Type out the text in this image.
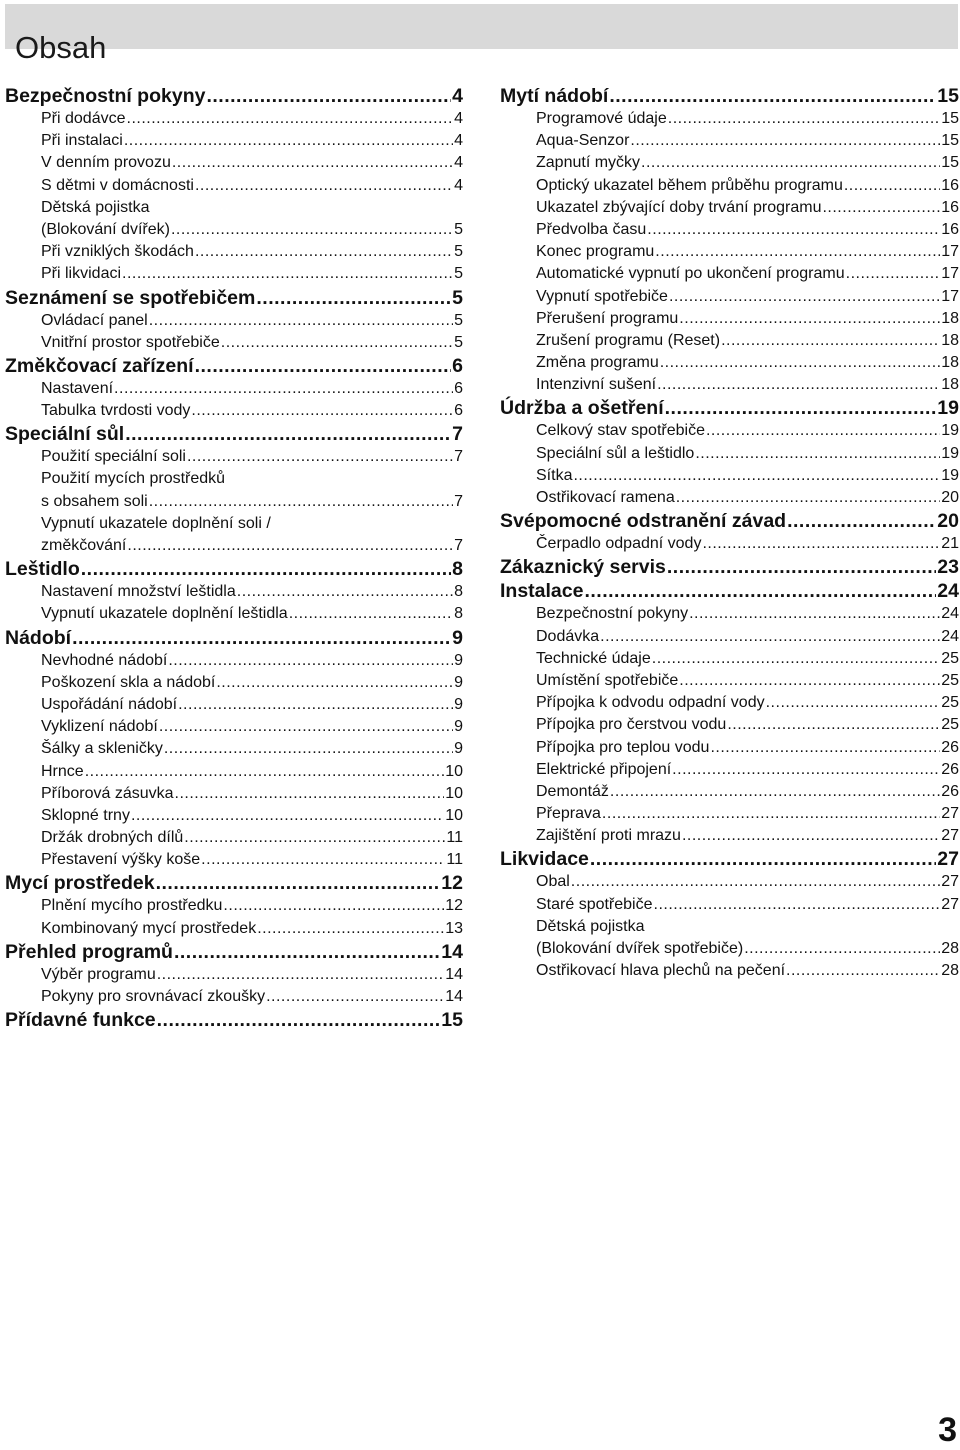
Obsah
Bezpečnostní pokyny .....	4
Při dodávce .....	4
Při instalaci .....	4
V denním provozu .....	4
S dětmi v domácnosti .....	4
Dětská pojistka
(Blokování dvířek) .....	5
Při vzniklých škodách .....	5
Při likvidaci .....	5
Seznámení se spotřebičem .....	5
Ovládací panel .....	5
Vnitřní prostor spotřebiče .....	5
Změkčovací zařízení .....	6
Nastavení .....	6
Tabulka tvrdosti vody .....	6
Speciální sůl .....	7
Použití speciální soli .....	7
Použití mycích prostředků
s obsahem soli .....	7
Vypnutí ukazatele doplnění soli /
změkčování .....	7
Leštidlo .....	8
Nastavení množství leštidla .....	8
Vypnutí ukazatele doplnění leštidla .....	8
Nádobí .....	9
Nevhodné nádobí .....	9
Poškození skla a nádobí .....	9
Uspořádání nádobí .....	9
Vyklizení nádobí .....	9
Šálky a skleničky .....	9
Hrnce .....	10
Příborová zásuvka .....	10
Sklopné trny .....	10
Držák drobných dílů .....	11
Přestavení výšky koše .....	11
Mycí prostředek .....	12
Plnění mycího prostředku .....	12
Kombinovaný mycí prostředek .....	13
Přehled programů .....	14
Výběr programu .....	14
Pokyny pro srovnávací zkoušky .....	14
Přídavné funkce .....	15
Mytí nádobí .....	15
Programové údaje .....	15
Aqua-Senzor .....	15
Zapnutí myčky .....	15
Optický ukazatel během průběhu programu .....	16
Ukazatel zbývající doby trvání programu .....	16
Předvolba času .....	16
Konec programu .....	17
Automatické vypnutí po ukončení programu .....	17
Vypnutí spotřebiče .....	17
Přerušení programu .....	18
Zrušení programu (Reset) .....	18
Změna programu .....	18
Intenzivní sušení .....	18
Údržba a ošetření .....	19
Celkový stav spotřebiče .....	19
Speciální sůl a leštidlo .....	19
Sítka .....	19
Ostřikovací ramena .....	20
Svépomocné odstranění závad .....	20
Čerpadlo odpadní vody .....	21
Zákaznický servis .....	23
Instalace .....	24
Bezpečnostní pokyny .....	24
Dodávka .....	24
Technické údaje .....	25
Umístění spotřebiče .....	25
Přípojka k odvodu odpadní vody .....	25
Přípojka pro čerstvou vodu .....	25
Přípojka pro teplou vodu .....	26
Elektrické připojení .....	26
Demontáž .....	26
Přeprava .....	27
Zajištění proti mrazu .....	27
Likvidace .....	27
Obal .....	27
Staré spotřebiče .....	27
Dětská pojistka
(Blokování dvířek spotřebiče) .....	28
Ostřikovací hlava plechů na pečení .....	28
3
